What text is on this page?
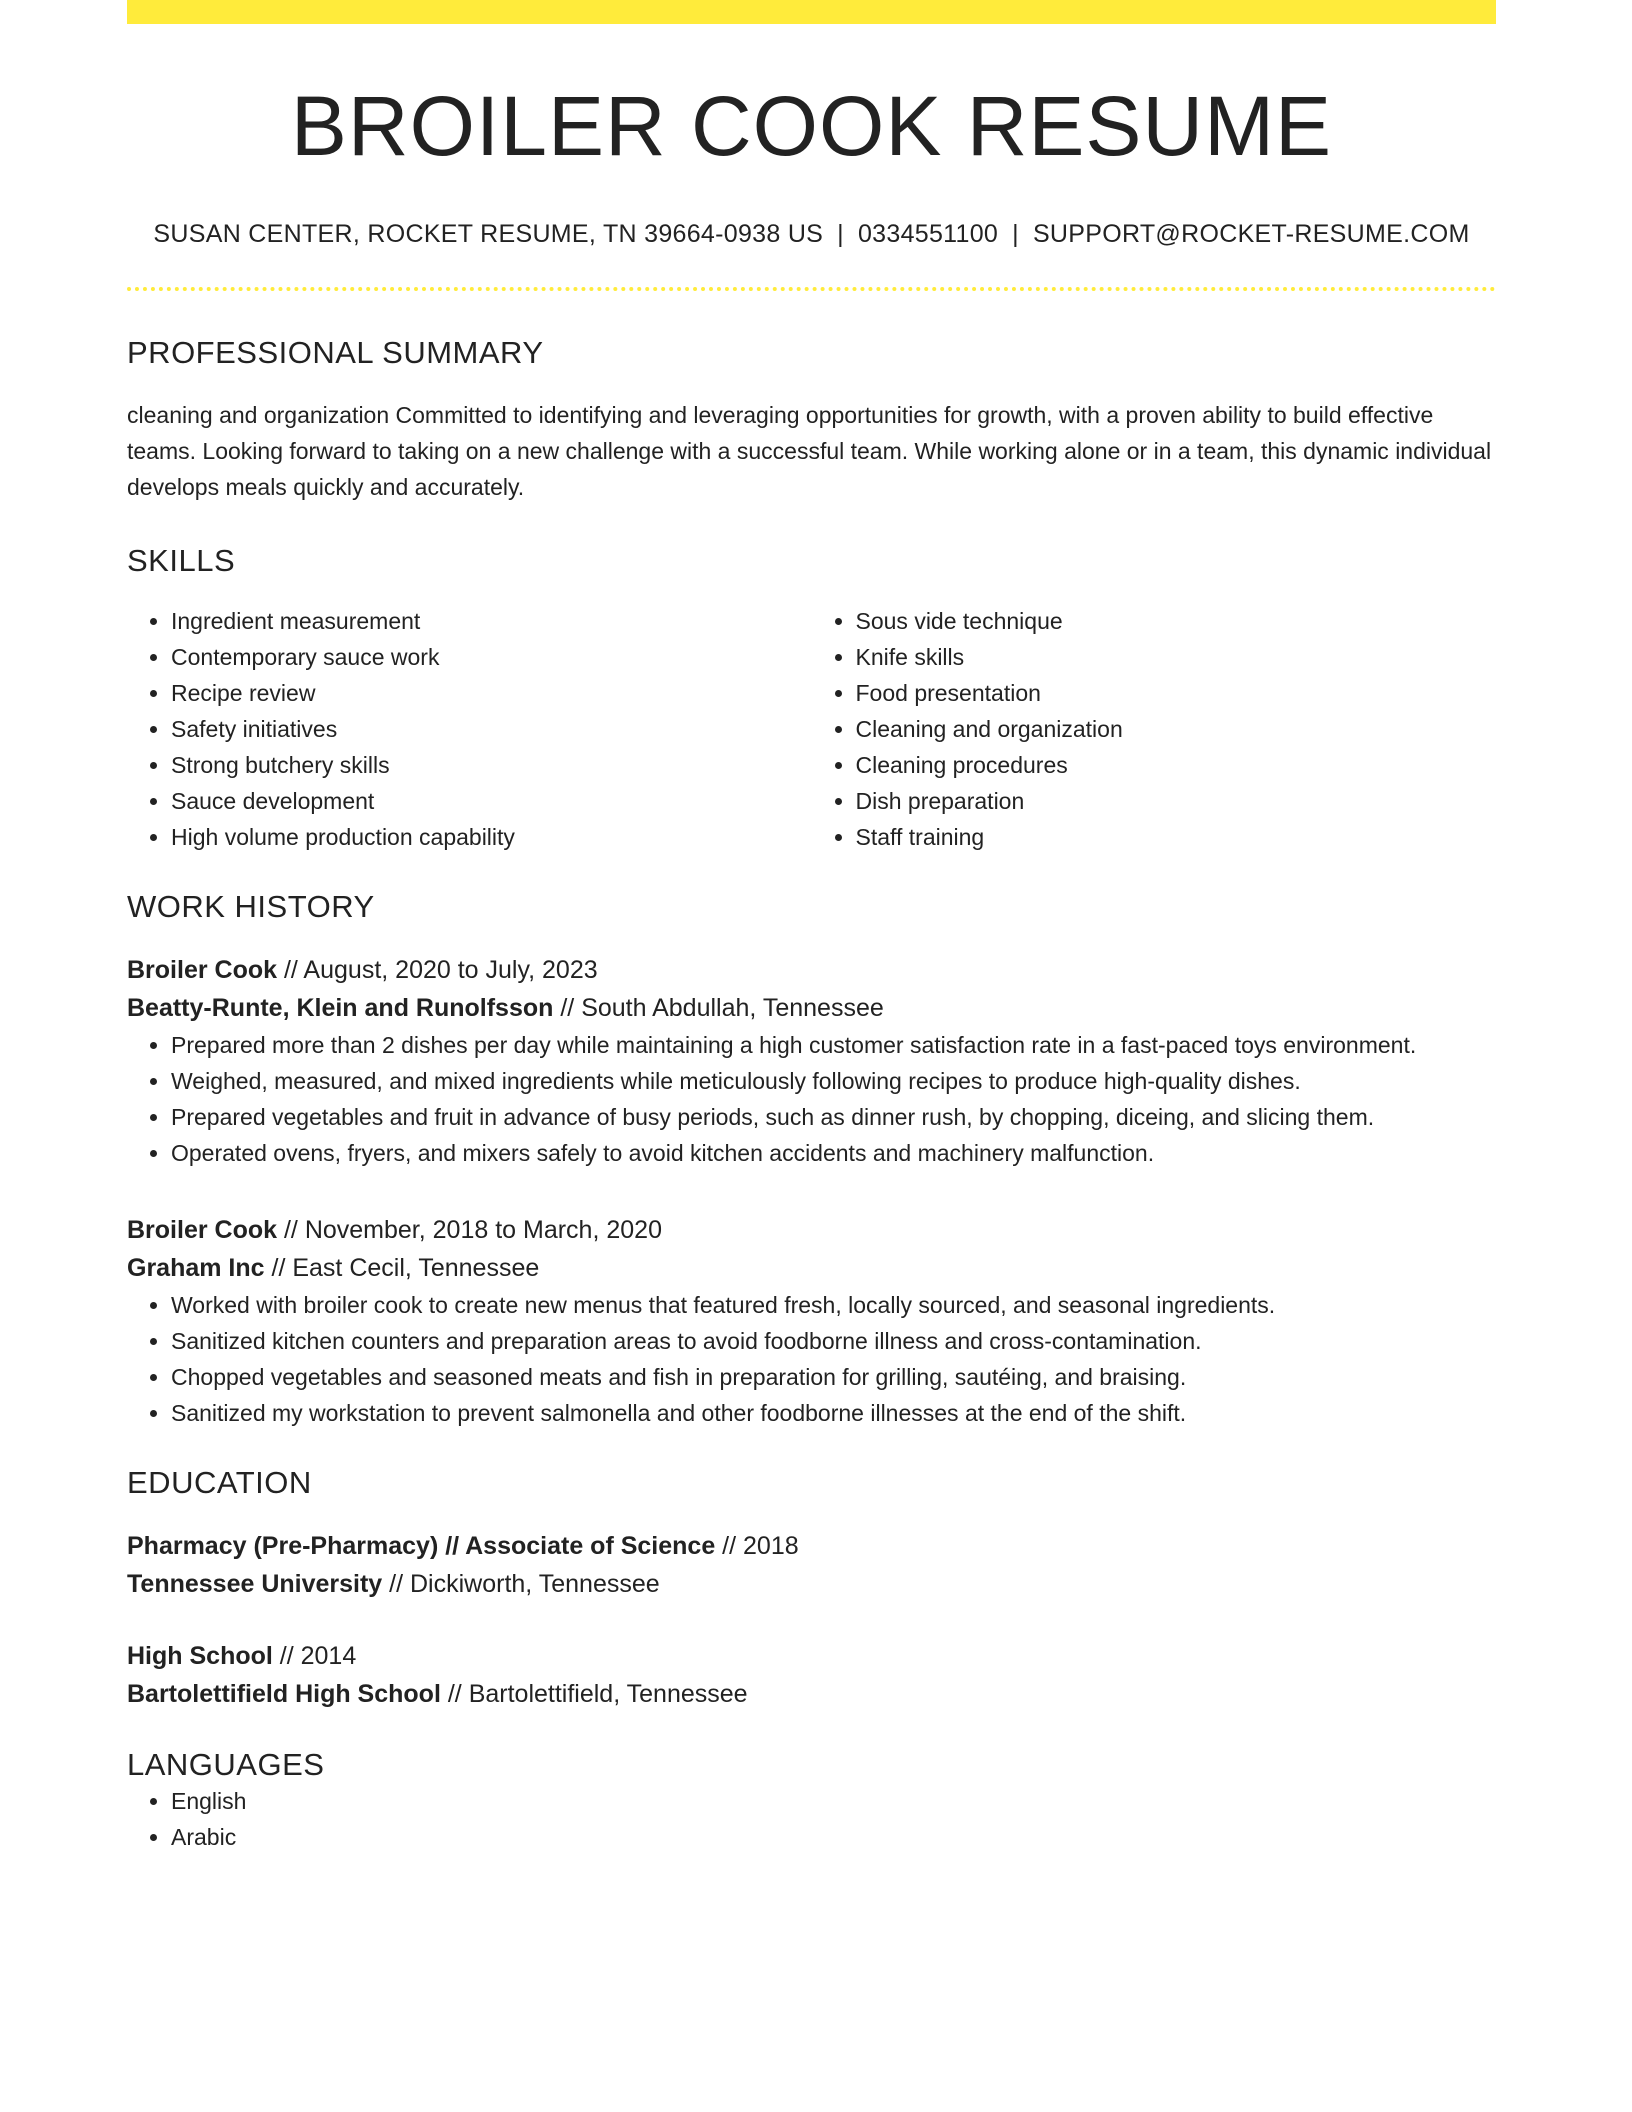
BROILER COOK RESUME
SUSAN CENTER, ROCKET RESUME, TN 39664-0938 US | 0334551100 | SUPPORT@ROCKET-RESUME.COM
PROFESSIONAL SUMMARY
cleaning and organization Committed to identifying and leveraging opportunities for growth, with a proven ability to build effective teams. Looking forward to taking on a new challenge with a successful team. While working alone or in a team, this dynamic individual develops meals quickly and accurately.
SKILLS
• Ingredient measurement
• Contemporary sauce work
• Recipe review
• Safety initiatives
• Strong butchery skills
• Sauce development
• High volume production capability
• Sous vide technique
• Knife skills
• Food presentation
• Cleaning and organization
• Cleaning procedures
• Dish preparation
• Staff training
WORK HISTORY
Broiler Cook // August, 2020 to July, 2023
Beatty-Runte, Klein and Runolfsson // South Abdullah, Tennessee
• Prepared more than 2 dishes per day while maintaining a high customer satisfaction rate in a fast-paced toys environment.
• Weighed, measured, and mixed ingredients while meticulously following recipes to produce high-quality dishes.
• Prepared vegetables and fruit in advance of busy periods, such as dinner rush, by chopping, diceing, and slicing them.
• Operated ovens, fryers, and mixers safely to avoid kitchen accidents and machinery malfunction.
Broiler Cook // November, 2018 to March, 2020
Graham Inc // East Cecil, Tennessee
• Worked with broiler cook to create new menus that featured fresh, locally sourced, and seasonal ingredients.
• Sanitized kitchen counters and preparation areas to avoid foodborne illness and cross-contamination.
• Chopped vegetables and seasoned meats and fish in preparation for grilling, sautéing, and braising.
• Sanitized my workstation to prevent salmonella and other foodborne illnesses at the end of the shift.
EDUCATION
Pharmacy (Pre-Pharmacy) // Associate of Science // 2018
Tennessee University // Dickiworth, Tennessee
High School // 2014
Bartolettifield High School // Bartolettifield, Tennessee
LANGUAGES
• English
• Arabic
